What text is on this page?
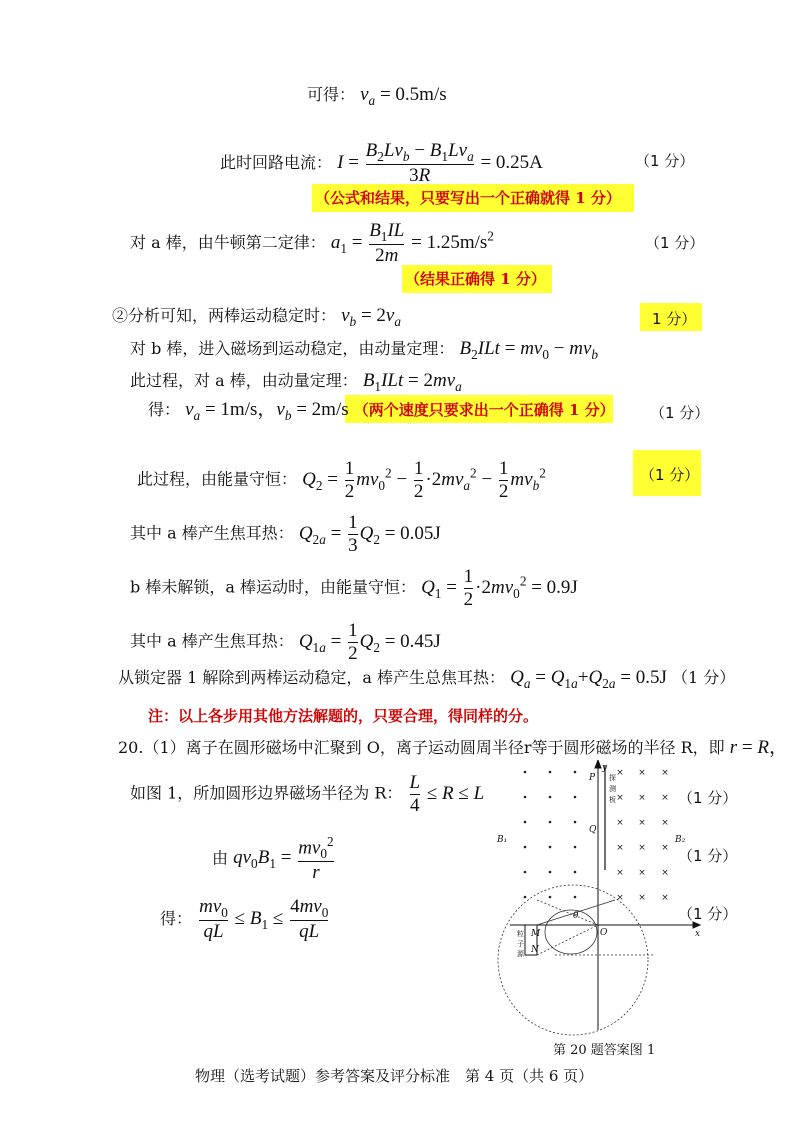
可得： $v_a = 0.5m/s$
此时回路电流： $I = \frac{B_2Lv_b - B_1Lv_a}{3R} = 0.25A$	（1 分）
（公式和结果，只要写出一个正确就得 1 分）
对 a 棒，由牛顿第二定律： $a_1 = \frac{B_1IL}{2m} = 1.25m/s^2$	（1 分）
（结果正确得 1 分）
②分析可知，两棒运动稳定时： $v_b = 2v_a$	1 分）
对 b 棒，进入磁场到运动稳定，由动量定理： $B_2ILt = mv_0 - mv_b$
此过程，对 a 棒，由动量定理： $B_1ILt = 2mv_a$
得： $v_a = 1m/s$，$v_b = 2m/s$ （两个速度只要求出一个正确得 1 分） （1 分）
此过程，由能量守恒： $Q_2 = \frac{1}{2} mv_0^2 - \frac{1}{2} \cdot 2mv_a^2 - \frac{1}{2} mv_b^2$	（1 分）
其中 a 棒产生焦耳热： $Q_{2a} = \frac{1}{3} Q_2 = 0.05J$
b 棒未解锁，a 棒运动时，由能量守恒： $Q_1 = \frac{1}{2} \cdot 2mv_0^2 = 0.9J$
其中 a 棒产生焦耳热： $Q_{1a} = \frac{1}{2} Q_2 = 0.45J$
从锁定器 1 解除到两棒运动稳定，a 棒产生总焦耳热： $Q_a = Q_{1a}+Q_{2a} = 0.5J$ （1 分）
注：以上各步用其他方法解题的，只要合理，得同样的分。
20.（1）离子在圆形磁场中汇聚到 O，离子运动圆周半径r等于圆形磁场的半径 R，即 r = R，
如图 1，所加圆形边界磁场半径为 R： $\frac{L}{4} \le R \le L$	（1 分）
由 $qv_0B_1 = \frac{mv_0^2}{r}$	（1 分）
得： $\frac{mv_0}{qL} \le B_1 \le \frac{4mv_0}{qL}$	（1 分）
× × ×
× × ×
× × ×
× × ×
× × ×
× × ×
y
x
O
P
Q
B₁	B₂
θ
M
N
探
测
板
粒
子
源
第 20 题答案图 1
物理（选考试题）参考答案及评分标准　第 4 页（共 6 页）
